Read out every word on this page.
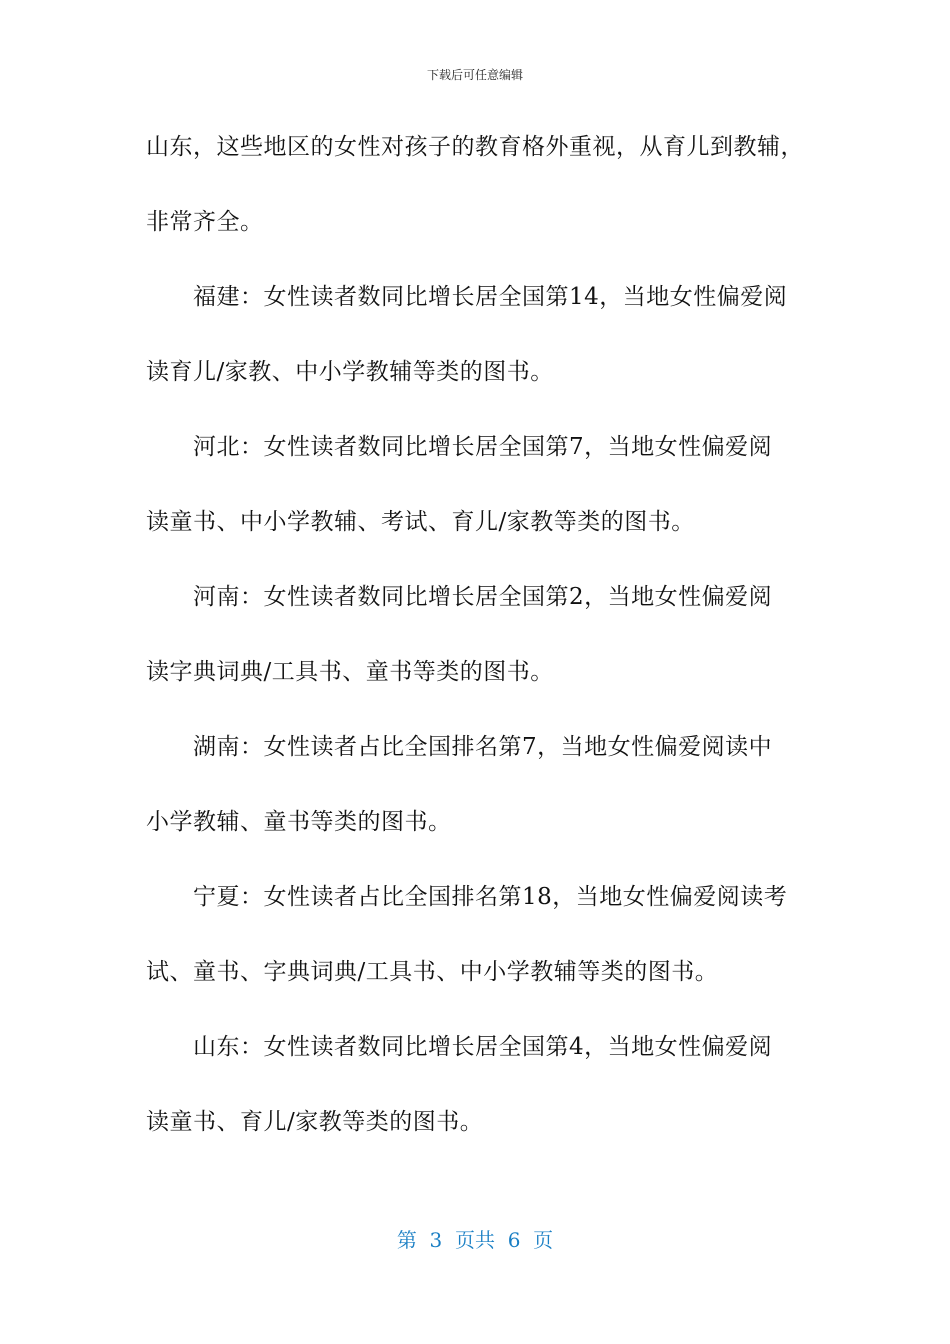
下载后可任意编辑
山东，这些地区的女性对孩子的教育格外重视，从育儿到教辅，
非常齐全。
福建：女性读者数同比增长居全国第14，当地女性偏爱阅
读育儿/家教、中小学教辅等类的图书。
河北：女性读者数同比增长居全国第7，当地女性偏爱阅
读童书、中小学教辅、考试、育儿/家教等类的图书。
河南：女性读者数同比增长居全国第2，当地女性偏爱阅
读字典词典/工具书、童书等类的图书。
湖南：女性读者占比全国排名第7，当地女性偏爱阅读中
小学教辅、童书等类的图书。
宁夏：女性读者占比全国排名第18，当地女性偏爱阅读考
试、童书、字典词典/工具书、中小学教辅等类的图书。
山东：女性读者数同比增长居全国第4，当地女性偏爱阅
读童书、育儿/家教等类的图书。
第  3  页共  6  页
